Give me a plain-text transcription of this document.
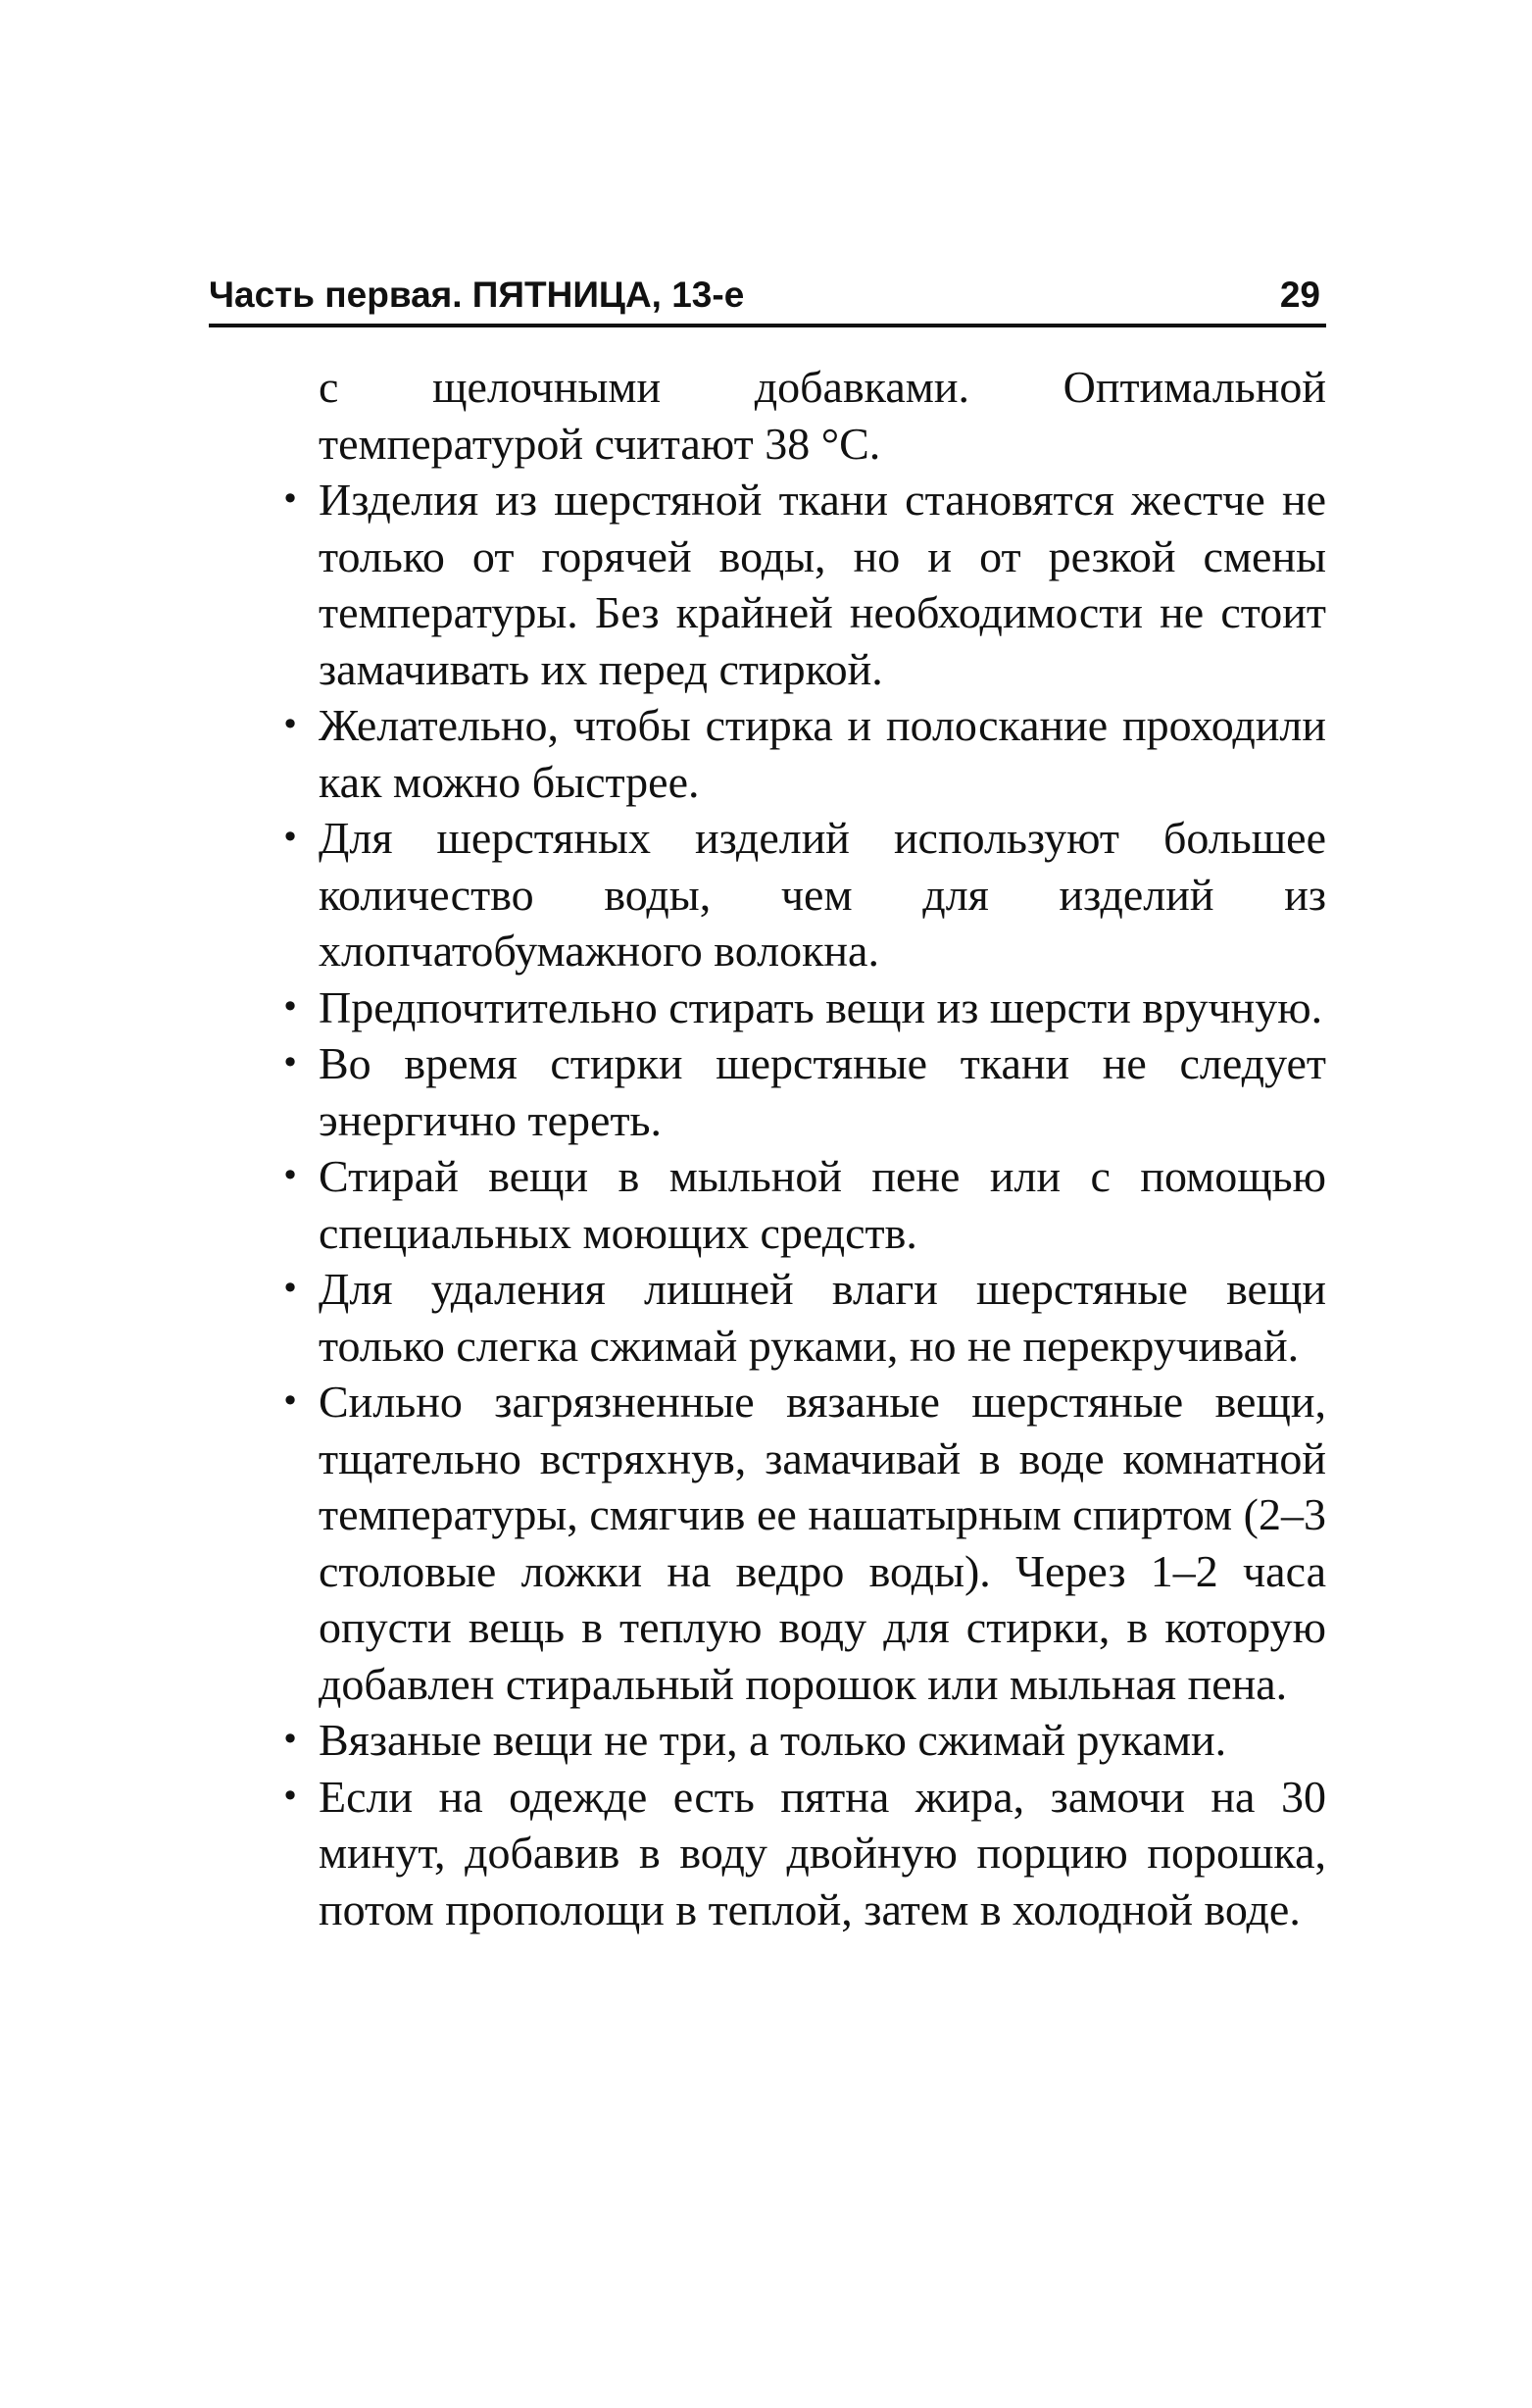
Часть первая. ПЯТНИЦА, 13-е	29

с щелочными добавками. Оптимальной температурой считают 38 °С.

• Изделия из шерстяной ткани становятся жестче не только от горячей воды, но и от резкой смены температуры. Без крайней необходимости не стоит замачивать их перед стиркой.
• Желательно, чтобы стирка и полоскание проходили как можно быстрее.
• Для шерстяных изделий используют большее количество воды, чем для изделий из хлопчатобумажного волокна.
• Предпочтительно стирать вещи из шерсти вручную.
• Во время стирки шерстяные ткани не следует энергично тереть.
• Стирай вещи в мыльной пене или с помощью специальных моющих средств.
• Для удаления лишней влаги шерстяные вещи только слегка сжимай руками, но не перекручивай.
• Сильно загрязненные вязаные шерстяные вещи, тщательно встряхнув, замачивай в воде комнатной температуры, смягчив ее нашатырным спиртом (2–3 столовые ложки на ведро воды). Через 1–2 часа опусти вещь в теплую воду для стирки, в которую добавлен стиральный порошок или мыльная пена.
• Вязаные вещи не три, а только сжимай руками.
• Если на одежде есть пятна жира, замочи на 30 минут, добавив в воду двойную порцию порошка, потом прополощи в теплой, затем в холодной воде.
